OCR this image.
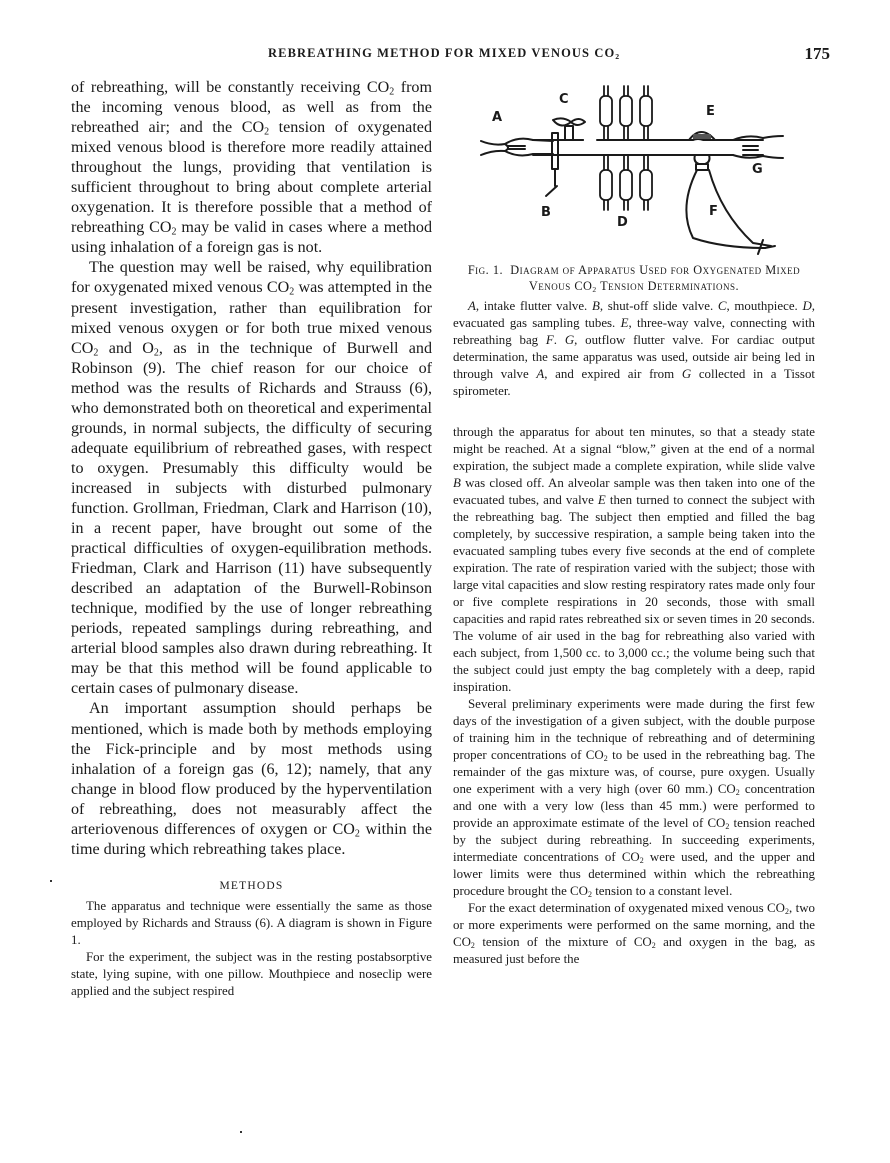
REBREATHING METHOD FOR MIXED VENOUS $CO_2$	175

of rebreathing, will be constantly receiving $CO_2$ from the incoming venous blood, as well as from the rebreathed air; and the $CO_2$ tension of oxygenated mixed venous blood is therefore more readily attained throughout the lungs, providing that ventilation is sufficient throughout to bring about complete arterial oxygenation. It is therefore possible that a method of rebreathing $CO_2$ may be valid in cases where a method using inhalation of a foreign gas is not.

The question may well be raised, why equilibration for oxygenated mixed venous $CO_2$ was attempted in the present investigation, rather than equilibration for mixed venous oxygen or for both true mixed venous $CO_2$ and $O_2$, as in the technique of Burwell and Robinson (9). The chief reason for our choice of method was the results of Richards and Strauss (6), who demonstrated both on theoretical and experimental grounds, in normal subjects, the difficulty of securing adequate equilibrium of rebreathed gases, with respect to oxygen. Presumably this difficulty would be increased in subjects with disturbed pulmonary function. Grollman, Friedman, Clark and Harrison (10), in a recent paper, have brought out some of the practical difficulties of oxygen-equilibration methods. Friedman, Clark and Harrison (11) have subsequently described an adaptation of the Burwell-Robinson technique, modified by the use of longer rebreathing periods, repeated samplings during rebreathing, and arterial blood samples also drawn during rebreathing. It may be that this method will be found applicable to certain cases of pulmonary disease.

An important assumption should perhaps be mentioned, which is made both by methods employing the Fick-principle and by most methods using inhalation of a foreign gas (6, 12); namely, that any change in blood flow produced by the hyperventilation of rebreathing, does not measurably affect the arteriovenous differences of oxygen or $CO_2$ within the time during which rebreathing takes place.

METHODS

The apparatus and technique were essentially the same as those employed by Richards and Strauss (6). A diagram is shown in Figure 1.

For the experiment, the subject was in the resting postabsorptive state, lying supine, with one pillow. Mouthpiece and noseclip were applied and the subject respired

A
B
C
D
E
F
G
Fig. 1. Diagram of Apparatus Used for Oxygenated Mixed Venous $CO_2$ Tension Determinations.

A, intake flutter valve. B, shut-off slide valve. C, mouthpiece. D, evacuated gas sampling tubes. E, three-way valve, connecting with rebreathing bag F. G, outflow flutter valve. For cardiac output determination, the same apparatus was used, outside air being led in through valve A, and expired air from G collected in a Tissot spirometer.

through the apparatus for about ten minutes, so that a steady state might be reached. At a signal “blow,” given at the end of a normal expiration, the subject made a complete expiration, while slide valve B was closed off. An alveolar sample was then taken into one of the evacuated tubes, and valve E then turned to connect the subject with the rebreathing bag. The subject then emptied and filled the bag completely, by successive respiration, a sample being taken into the evacuated sampling tubes every five seconds at the end of complete expiration. The rate of respiration varied with the subject; those with large vital capacities and slow resting respiratory rates made only four or five complete respirations in 20 seconds, those with small capacities and rapid rates rebreathed six or seven times in 20 seconds. The volume of air used in the bag for rebreathing also varied with each subject, from 1,500 cc. to 3,000 cc.; the volume being such that the subject could just empty the bag completely with a deep, rapid inspiration.

Several preliminary experiments were made during the first few days of the investigation of a given subject, with the double purpose of training him in the technique of rebreathing and of determining proper concentrations of $CO_2$ to be used in the rebreathing bag. The remainder of the gas mixture was, of course, pure oxygen. Usually one experiment with a very high (over 60 mm.) $CO_2$ concentration and one with a very low (less than 45 mm.) were performed to provide an approximate estimate of the level of $CO_2$ tension reached by the subject during rebreathing. In succeeding experiments, intermediate concentrations of $CO_2$ were used, and the upper and lower limits were thus determined within which the rebreathing procedure brought the $CO_2$ tension to a constant level.

For the exact determination of oxygenated mixed venous $CO_2$, two or more experiments were performed on the same morning, and the $CO_2$ tension of the mixture of $CO_2$ and oxygen in the bag, as measured just before the
